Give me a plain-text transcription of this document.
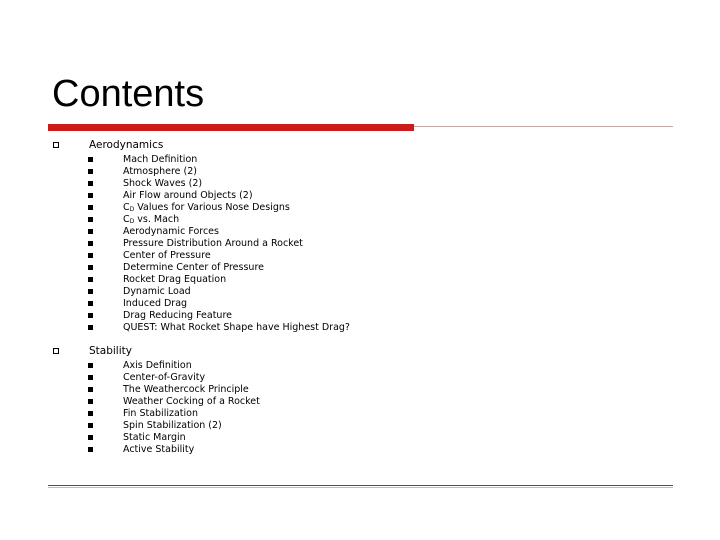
Contents
Aerodynamics
Mach Definition
Atmosphere (2)
Shock Waves (2)
Air Flow around Objects (2)
$C_D$ Values for Various Nose Designs
$C_D$ vs. Mach
Aerodynamic Forces
Pressure Distribution Around a Rocket
Center of Pressure
Determine Center of Pressure
Rocket Drag Equation
Dynamic Load
Induced Drag
Drag Reducing Feature
QUEST: What Rocket Shape have Highest Drag?
Stability
Axis Definition
Center-of-Gravity
The Weathercock Principle
Weather Cocking of a Rocket
Fin Stabilization
Spin Stabilization (2)
Static Margin
Active Stability
